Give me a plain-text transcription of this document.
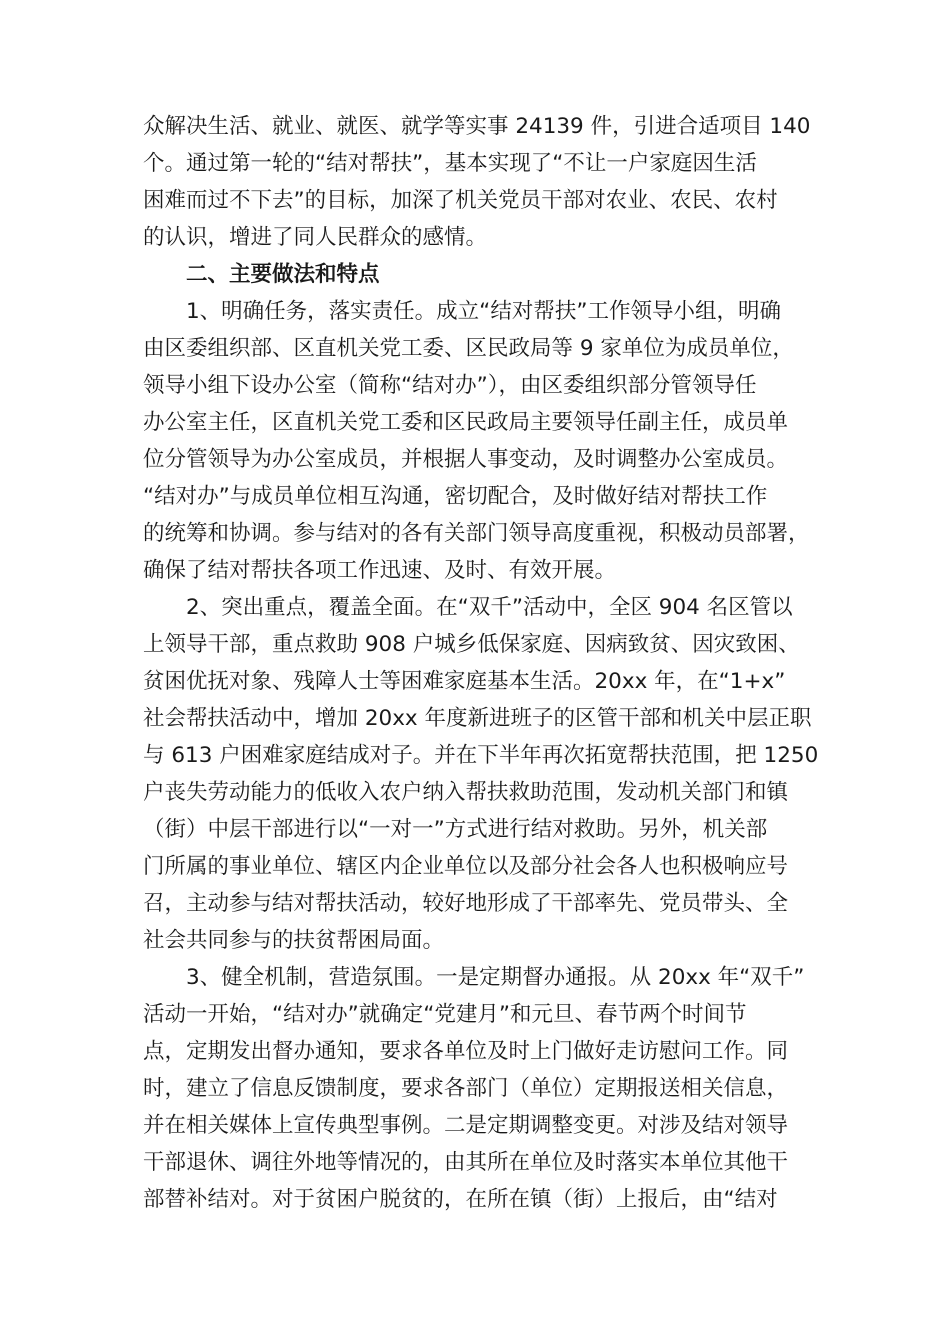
众解决生活、就业、就医、就学等实事 24139 件，引进合适项目 140
个。通过第一轮的“结对帮扶”，基本实现了“不让一户家庭因生活
困难而过不下去”的目标，加深了机关党员干部对农业、农民、农村
的认识，增进了同人民群众的感情。
二、主要做法和特点
1、明确任务，落实责任。成立“结对帮扶”工作领导小组，明确
由区委组织部、区直机关党工委、区民政局等 9 家单位为成员单位，
领导小组下设办公室（简称“结对办”），由区委组织部分管领导任
办公室主任，区直机关党工委和区民政局主要领导任副主任，成员单
位分管领导为办公室成员，并根据人事变动，及时调整办公室成员。
“结对办”与成员单位相互沟通，密切配合，及时做好结对帮扶工作
的统筹和协调。参与结对的各有关部门领导高度重视，积极动员部署，
确保了结对帮扶各项工作迅速、及时、有效开展。
2、突出重点，覆盖全面。在“双千”活动中，全区 904 名区管以
上领导干部，重点救助 908 户城乡低保家庭、因病致贫、因灾致困、
贫困优抚对象、残障人士等困难家庭基本生活。20xx 年，在“1+x”
社会帮扶活动中，增加 20xx 年度新进班子的区管干部和机关中层正职
与 613 户困难家庭结成对子。并在下半年再次拓宽帮扶范围，把 1250
户丧失劳动能力的低收入农户纳入帮扶救助范围，发动机关部门和镇
（街）中层干部进行以“一对一”方式进行结对救助。另外，机关部
门所属的事业单位、辖区内企业单位以及部分社会各人也积极响应号
召，主动参与结对帮扶活动，较好地形成了干部率先、党员带头、全
社会共同参与的扶贫帮困局面。
3、健全机制，营造氛围。一是定期督办通报。从 20xx 年“双千”
活动一开始，“结对办”就确定“党建月”和元旦、春节两个时间节
点，定期发出督办通知，要求各单位及时上门做好走访慰问工作。同
时，建立了信息反馈制度，要求各部门（单位）定期报送相关信息，
并在相关媒体上宣传典型事例。二是定期调整变更。对涉及结对领导
干部退休、调往外地等情况的，由其所在单位及时落实本单位其他干
部替补结对。对于贫困户脱贫的，在所在镇（街）上报后，由“结对
